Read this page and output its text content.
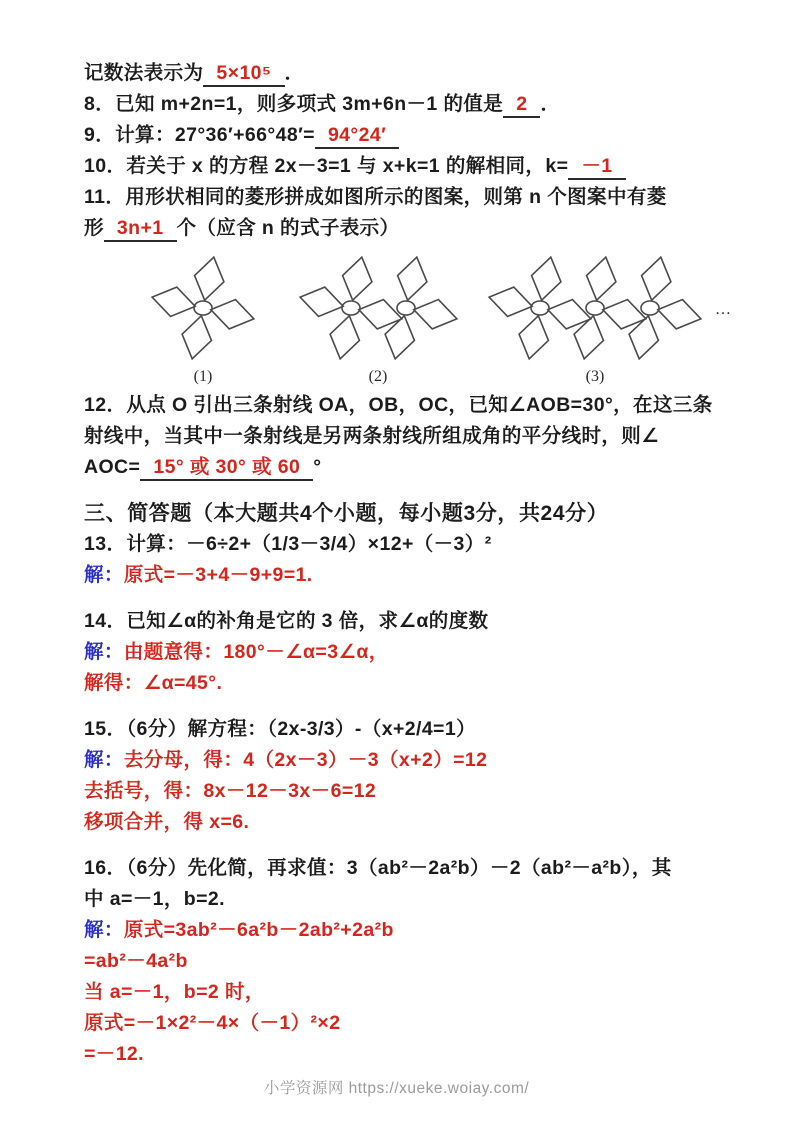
记数法表示为 5×10⁵ ．
8．已知 m+2n=1，则多项式 3m+6n－1 的值是 2 ．
9．计算：27°36′+66°48′= 94°24′
10．若关于 x 的方程 2x－3=1 与 x+k=1 的解相同，k= －1
11．用形状相同的菱形拼成如图所示的图案，则第 n 个图案中有菱
形 3n+1 个（应含 n 的式子表示）
(1)	(2)	(3)
…
12．从点 O 引出三条射线 OA，OB，OC，已知∠AOB=30°，在这三条
射线中，当其中一条射线是另两条射线所组成角的平分线时，则∠
AOC= 15° 或 30° 或 60 °
三、简答题（本大题共4个小题，每小题3分，共24分）
13．计算：－6÷2+（1/3－3/4）×12+（－3）²
解：原式=－3+4－9+9=1.
14．已知∠α的补角是它的 3 倍，求∠α的度数
解：由题意得：180°－∠α=3∠α，
解得：∠α=45°.
15．（6分）解方程：（2x-3/3）-（x+2/4=1）
解：去分母，得：4（2x－3）－3（x+2）=12
去括号，得：8x－12－3x－6=12
移项合并，得 x=6.
16．（6分）先化简，再求值：3（ab²－2a²b）－2（ab²－a²b），其
中 a=－1，b=2.
解：原式=3ab²－6a²b－2ab²+2a²b
=ab²－4a²b
当 a=－1，b=2 时，
原式=－1×2²－4×（－1）²×2
=－12.
小学资源网 https://xueke.woiay.com/
